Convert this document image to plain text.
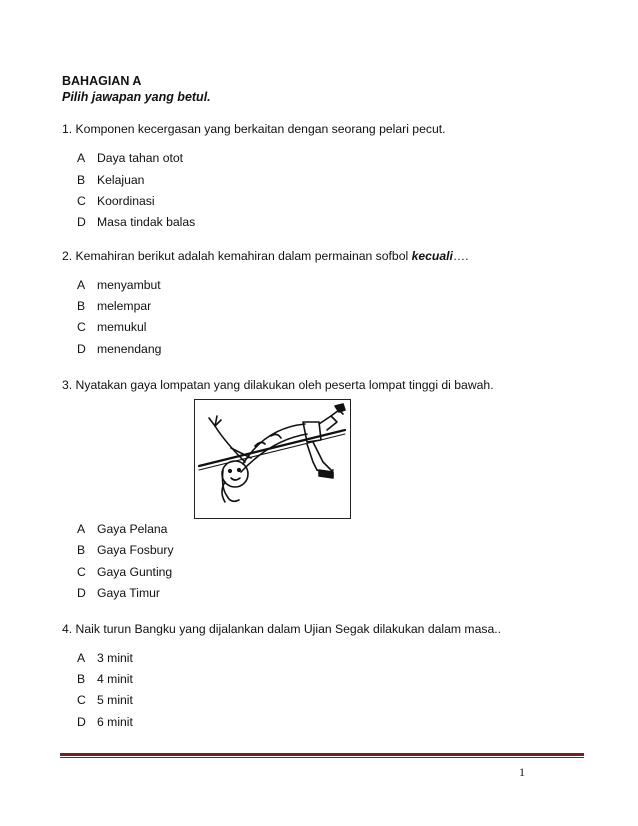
BAHAGIAN A
Pilih jawapan yang betul.
1. Komponen kecergasan yang berkaitan dengan seorang pelari pecut.
A Daya tahan otot
B Kelajuan
C Koordinasi
D Masa tindak balas
2. Kemahiran berikut adalah kemahiran dalam permainan sofbol kecuali….
A menyambut
B melempar
C memukul
D menendang
3. Nyatakan gaya lompatan yang dilakukan oleh peserta lompat tinggi di bawah.
A Gaya Pelana
B Gaya Fosbury
C Gaya Gunting
D Gaya Timur
4. Naik turun Bangku yang dijalankan dalam Ujian Segak dilakukan dalam masa..
A 3 minit
B 4 minit
C 5 minit
D 6 minit
1
